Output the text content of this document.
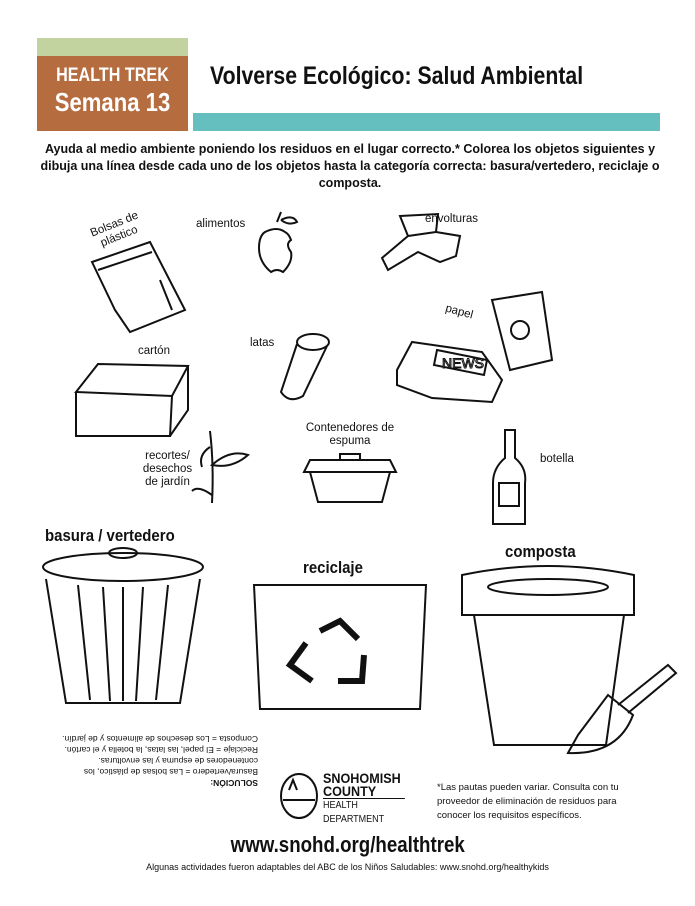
HEALTH TREK
Semana 13
Volverse Ecológico: Salud Ambiental
Ayuda al medio ambiente poniendo los residuos en el lugar correcto.* Colorea los objetos siguientes y dibuja una línea desde cada uno de los objetos hasta la categoría correcta: basura/vertedero, reciclaje o composta.
Bolsas de plástico	alimentos	envolturas
papel
cartón
latas
Contenedores de espuma
recortes/ desechos de jardín
botella
NEWS
basura / vertedero
reciclaje
composta
SOLUCIÓN:
Basura/vertedero = Las bolsas de plástico, los contenedores de espuma y las envolturas.
Reciclaje = El papel, las latas, la botella y el cartón.
Composta = Los desechos de alimentos y de jardín.
SNOHOMISH
COUNTY
HEALTH DEPARTMENT
*Las pautas pueden variar. Consulta con tu proveedor de eliminación de residuos para conocer los requisitos específicos.
www.snohd.org/healthtrek
Algunas actividades fueron adaptables del ABC de los Niños Saludables: www.snohd.org/healthykids
